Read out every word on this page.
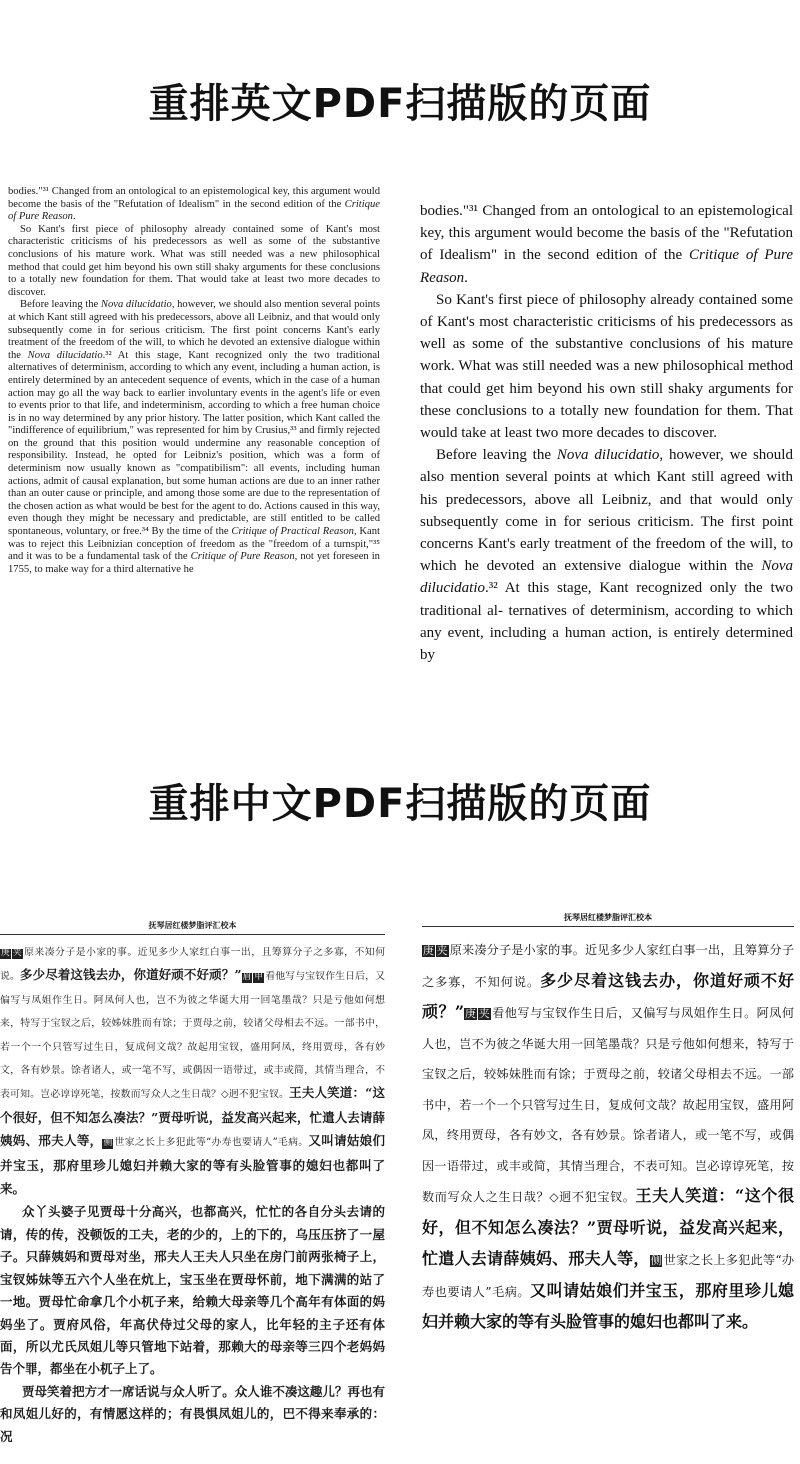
重排英文PDF扫描版的页面

bodies."³¹ Changed from an ontological to an epistemological key, this argument would become the basis of the "Refutation of Idealism" in the second edition of the Critique of Pure Reason.

So Kant's first piece of philosophy already contained some of Kant's most characteristic criticisms of his predecessors as well as some of the substantive conclusions of his mature work. What was still needed was a new philosophical method that could get him beyond his own still shaky arguments for these conclusions to a totally new foundation for them. That would take at least two more decades to discover.

Before leaving the Nova dilucidatio, however, we should also mention several points at which Kant still agreed with his predecessors, above all Leibniz, and that would only subsequently come in for serious criticism. The first point concerns Kant's early treatment of the freedom of the will, to which he devoted an extensive dialogue within the Nova dilucidatio.³² At this stage, Kant recognized only the two traditional alternatives of determinism, according to which any event, including a human action, is entirely determined by an antecedent sequence of events, which in the case of a human action may go all the way back to earlier involuntary events in the agent's life or even to events prior to that life, and indeterminism, according to which a free human choice is in no way determined by any prior history. The latter position, which Kant called the "indifference of equilibrium," was represented for him by Crusius,³³ and firmly rejected on the ground that this position would undermine any reasonable conception of responsibility. Instead, he opted for Leibniz's position, which was a form of determinism now usually known as "compatibilism": all events, including human actions, admit of causal explanation, but some human actions are due to an inner rather than an outer cause or principle, and among those some are due to the representation of the chosen action as what would be best for the agent to do. Actions caused in this way, even though they might be necessary and predictable, are still entitled to be called spontaneous, voluntary, or free.³⁴ By the time of the Critique of Practical Reason, Kant was to reject this Leibnizian conception of freedom as the "freedom of a turnspit,"³⁵ and it was to be a fundamental task of the Critique of Pure Reason, not yet foreseen in 1755, to make way for a third alternative he

bodies."³¹ Changed from an ontological to an epistemological key, this argument would become the basis of the "Refutation of Idealism" in the second edition of the Critique of Pure Reason.

So Kant's first piece of philosophy already contained some of Kant's most characteristic criticisms of his predecessors as well as some of the substantive conclusions of his mature work. What was still needed was a new philosophical method that could get him beyond his own still shaky arguments for these conclusions to a totally new foundation for them. That would take at least two more decades to discover.

Before leaving the Nova dilucidatio, however, we should also mention several points at which Kant still agreed with his predecessors, above all Leibniz, and that would only subsequently come in for serious criticism. The first point concerns Kant's early treatment of the freedom of the will, to which he devoted an extensive dialogue within the Nova dilucidatio.³² At this stage, Kant recognized only the two traditional al- ternatives of determinism, according to which any event, including a human action, is entirely determined by

重排中文PDF扫描版的页面
抚琴居红楼梦脂评汇校本

庚 夹 原来凑分子是小家的事。近见多少人家红白事一出，且筹算分子之多寡，不知何说。多少尽着这钱去办，你道好顽不好顽？”眉 甲 看他写与宝钗作生日后，又偏写与凤姐作生日。阿凤何人也，岂不为彼之华诞大用一回笔墨哉？只是亏他如何想来，特写于宝钗之后，较姊妹胜而有馀；于贾母之前，较诸父母相去不远。一部书中，若一个一个只管写过生日，复成何文哉？故起用宝钗，盛用阿凤，终用贾母，各有妙文，各有妙景。馀者诸人，或一笔不写，或偶因一语带过，或丰或简，其情当理合，不表可知。岂必谆谆死笔，按数而写众人之生日哉？◇迥不犯宝钗。王夫人笑道：“这个很好，但不知怎么凑法？”贾母听说，益发高兴起来，忙遣人去请薛姨妈、邢夫人等，侧 世家之长上多犯此等“办寿也要请人”毛病。又叫请姑娘们并宝玉，那府里珍儿媳妇并赖大家的等有头脸管事的媳妇也都叫了来。

众丫头婆子见贾母十分高兴，也都高兴，忙忙的各自分头去请的请，传的传，没顿饭的工夫，老的少的，上的下的，乌压压挤了一屋子。只薛姨妈和贾母对坐，邢夫人王夫人只坐在房门前两张椅子上，宝钗姊妹等五六个人坐在炕上，宝玉坐在贾母怀前，地下满满的站了一地。贾母忙命拿几个小杌子来，给赖大母亲等几个高年有体面的妈妈坐了。贾府风俗，年高伏侍过父母的家人，比年轻的主子还有体面，所以尤氏凤姐儿等只管地下站着，那赖大的母亲等三四个老妈妈告个罪，都坐在小杌子上了。

贾母笑着把方才一席话说与众人听了。众人谁不凑这趣儿？再也有和凤姐儿好的，有情愿这样的；有畏惧凤姐儿的，巴不得来奉承的：况

抚琴居红楼梦脂评汇校本

庚 夹 原来凑分子是小家的事。近见多少人家红白事一出，且筹算分子之多寡，不知何说。多少尽着这钱去办，你道好顽不好顽？”庚 夹 看他写与宝钗作生日后，又偏写与凤姐作生日。阿凤何人也，岂不为彼之华诞大用一回笔墨哉？只是亏他如何想来，特写于宝钗之后，较姊妹胜而有馀；于贾母之前，较诸父母相去不远。一部书中，若一个一个只管写过生日，复成何文哉？故起用宝钗，盛用阿凤，终用贾母，各有妙文，各有妙景。馀者诸人，或一笔不写，或偶因一语带过，或丰或简，其情当理合，不表可知。岂必谆谆死笔，按数而写众人之生日哉？◇迥不犯宝钗。王夫人笑道：“这个很好，但不知怎么凑法？”贾母听说，益发高兴起来，忙遣人去请薛姨妈、邢夫人等，侧 世家之长上多犯此等“办寿也要请人”毛病。又叫请姑娘们并宝玉，那府里珍儿媳妇并赖大家的等有头脸管事的媳妇也都叫了来。
